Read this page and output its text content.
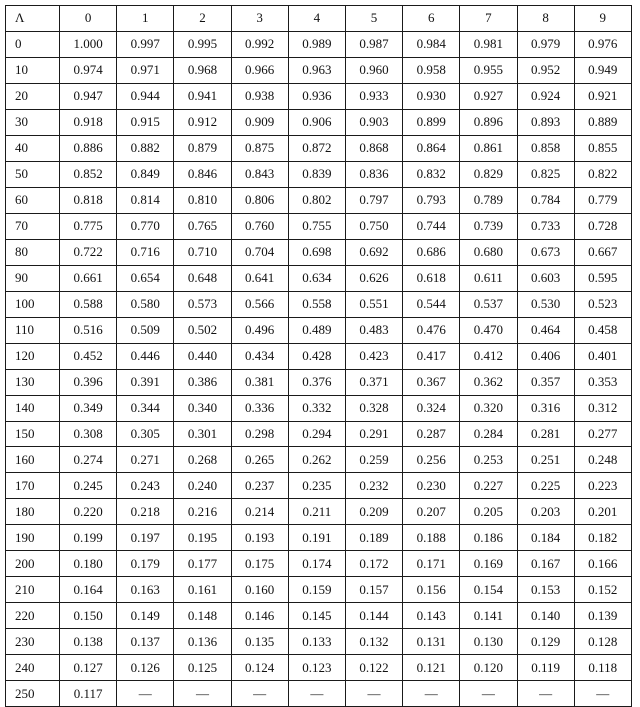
Λ	0	1	2	3	4	5	6	7	8	9
0	1.000	0.997	0.995	0.992	0.989	0.987	0.984	0.981	0.979	0.976
10	0.974	0.971	0.968	0.966	0.963	0.960	0.958	0.955	0.952	0.949
20	0.947	0.944	0.941	0.938	0.936	0.933	0.930	0.927	0.924	0.921
30	0.918	0.915	0.912	0.909	0.906	0.903	0.899	0.896	0.893	0.889
40	0.886	0.882	0.879	0.875	0.872	0.868	0.864	0.861	0.858	0.855
50	0.852	0.849	0.846	0.843	0.839	0.836	0.832	0.829	0.825	0.822
60	0.818	0.814	0.810	0.806	0.802	0.797	0.793	0.789	0.784	0.779
70	0.775	0.770	0.765	0.760	0.755	0.750	0.744	0.739	0.733	0.728
80	0.722	0.716	0.710	0.704	0.698	0.692	0.686	0.680	0.673	0.667
90	0.661	0.654	0.648	0.641	0.634	0.626	0.618	0.611	0.603	0.595
100	0.588	0.580	0.573	0.566	0.558	0.551	0.544	0.537	0.530	0.523
110	0.516	0.509	0.502	0.496	0.489	0.483	0.476	0.470	0.464	0.458
120	0.452	0.446	0.440	0.434	0.428	0.423	0.417	0.412	0.406	0.401
130	0.396	0.391	0.386	0.381	0.376	0.371	0.367	0.362	0.357	0.353
140	0.349	0.344	0.340	0.336	0.332	0.328	0.324	0.320	0.316	0.312
150	0.308	0.305	0.301	0.298	0.294	0.291	0.287	0.284	0.281	0.277
160	0.274	0.271	0.268	0.265	0.262	0.259	0.256	0.253	0.251	0.248
170	0.245	0.243	0.240	0.237	0.235	0.232	0.230	0.227	0.225	0.223
180	0.220	0.218	0.216	0.214	0.211	0.209	0.207	0.205	0.203	0.201
190	0.199	0.197	0.195	0.193	0.191	0.189	0.188	0.186	0.184	0.182
200	0.180	0.179	0.177	0.175	0.174	0.172	0.171	0.169	0.167	0.166
210	0.164	0.163	0.161	0.160	0.159	0.157	0.156	0.154	0.153	0.152
220	0.150	0.149	0.148	0.146	0.145	0.144	0.143	0.141	0.140	0.139
230	0.138	0.137	0.136	0.135	0.133	0.132	0.131	0.130	0.129	0.128
240	0.127	0.126	0.125	0.124	0.123	0.122	0.121	0.120	0.119	0.118
250	0.117	—	—	—	—	—	—	—	—	—
